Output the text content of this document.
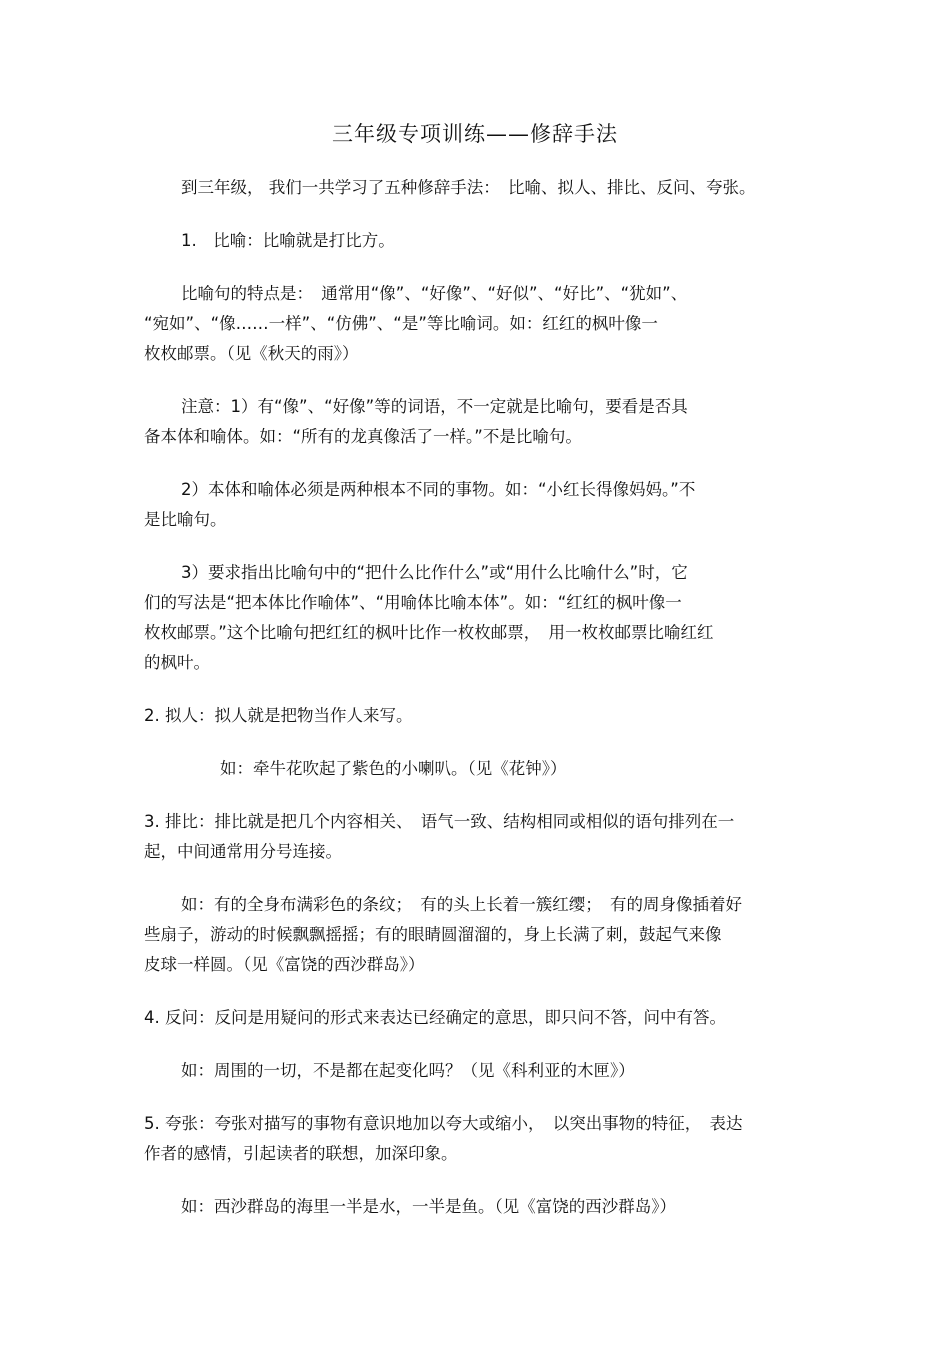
三年级专项训练——修辞手法
到三年级， 我们一共学习了五种修辞手法：　比喻、拟人、排比、反问、夸张。
1.　比喻：比喻就是打比方。
比喻句的特点是：　通常用“像”、“好像”、“好似”、“好比”、“犹如”、
“宛如”、“像……一样”、“仿佛”、“是”等比喻词。如：红红的枫叶像一
枚枚邮票。（见《秋天的雨》）
注意：1）有“像”、“好像”等的词语，不一定就是比喻句，要看是否具
备本体和喻体。如：“所有的龙真像活了一样。”不是比喻句。
2）本体和喻体必须是两种根本不同的事物。如：“小红长得像妈妈。”不
是比喻句。
3）要求指出比喻句中的“把什么比作什么”或“用什么比喻什么”时，它
们的写法是“把本体比作喻体”、“用喻体比喻本体”。如：“红红的枫叶像一
枚枚邮票。”这个比喻句把红红的枫叶比作一枚枚邮票，　用一枚枚邮票比喻红红
的枫叶。
2. 拟人：拟人就是把物当作人来写。
如：牵牛花吹起了紫色的小喇叭。（见《花钟》）
3. 排比：排比就是把几个内容相关、　语气一致、结构相同或相似的语句排列在一
起，中间通常用分号连接。
如：有的全身布满彩色的条纹；　有的头上长着一簇红缨；　有的周身像插着好
些扇子，游动的时候飘飘摇摇；有的眼睛圆溜溜的，身上长满了刺，鼓起气来像
皮球一样圆。（见《富饶的西沙群岛》）
4. 反问：反问是用疑问的形式来表达已经确定的意思，即只问不答，问中有答。
如：周围的一切，不是都在起变化吗？（见《科利亚的木匣》）
5. 夸张：夸张对描写的事物有意识地加以夸大或缩小，　以突出事物的特征，　表达
作者的感情，引起读者的联想，加深印象。
如：西沙群岛的海里一半是水，一半是鱼。（见《富饶的西沙群岛》）
